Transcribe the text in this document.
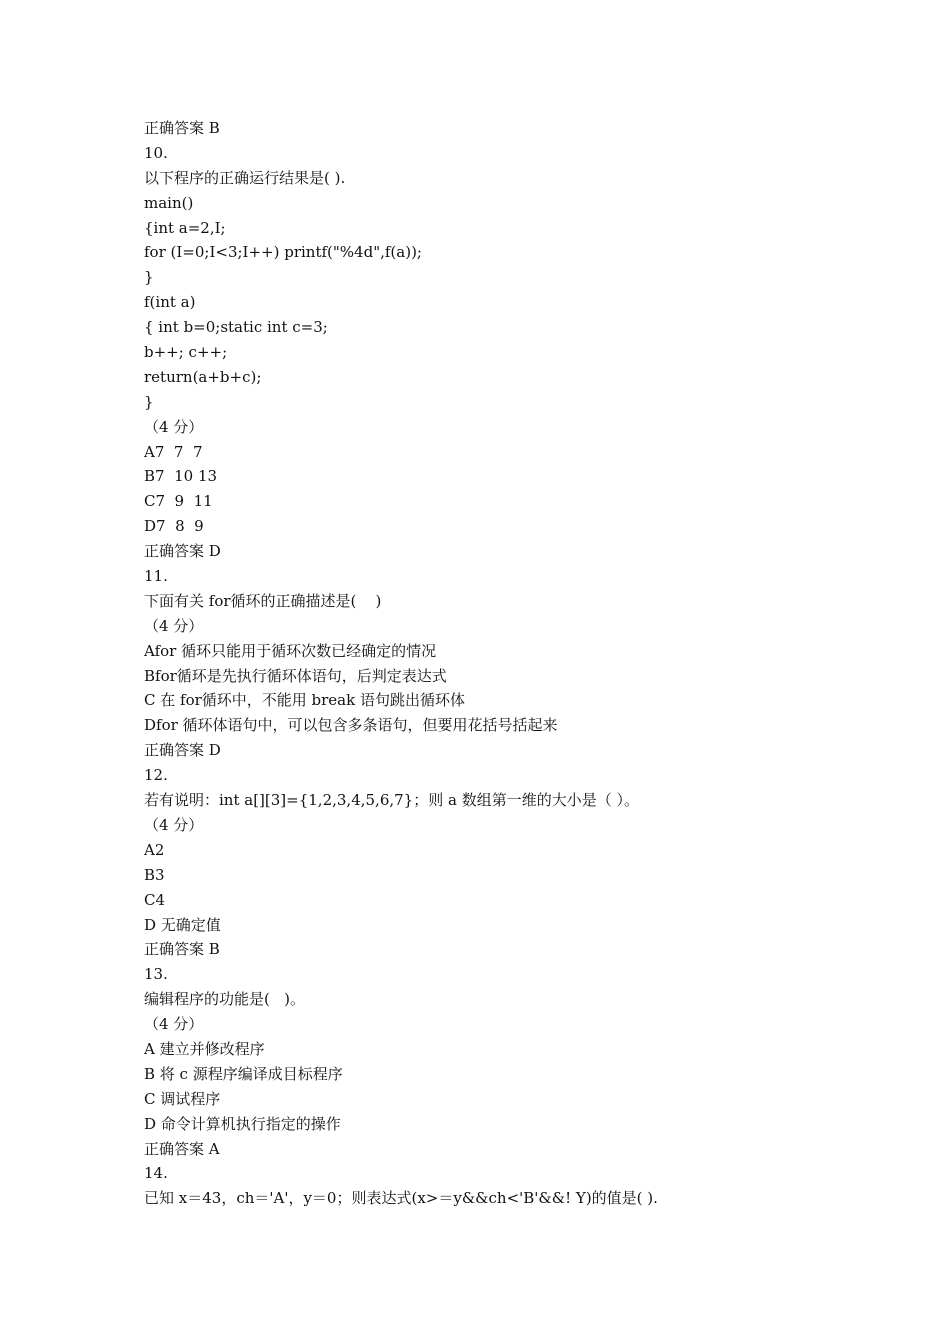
正确答案 B
10.
以下程序的正确运行结果是( ).
main()
{int a=2,I;
for (I=0;I<3;I++) printf("%4d",f(a));
}
f(int a)
{ int b=0;static int c=3;
b++; c++;
return(a+b+c);
}
（4 分）
A7  7  7
B7  10 13
C7  9  11
D7  8  9
正确答案 D
11.
下面有关 for循环的正确描述是(    )
（4 分）
Afor 循环只能用于循环次数已经确定的情况
Bfor循环是先执行循环体语句，后判定表达式
C 在 for循环中，不能用 break 语句跳出循环体
Dfor 循环体语句中，可以包含多条语句，但要用花括号括起来
正确答案 D
12.
若有说明：int a[][3]={1,2,3,4,5,6,7}；则 a 数组第一维的大小是（ ）。
（4 分）
A2
B3
C4
D 无确定值
正确答案 B
13.
编辑程序的功能是(   )。
（4 分）
A 建立并修改程序
B 将 c 源程序编译成目标程序
C 调试程序
D 命令计算机执行指定的操作
正确答案 A
14.
已知 x＝43，ch＝'A'，y＝0；则表达式(x>＝y&&ch<'B'&&! Y)的值是( ).
